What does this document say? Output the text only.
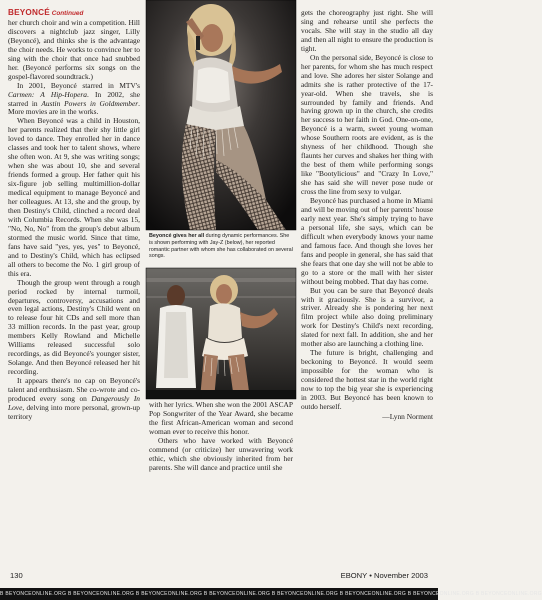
BEYONCÉ Continued
her church choir and win a competition. Hill discovers a nightclub jazz singer, Lilly (Beyoncé), and thinks she is the advantage the choir needs. He works to convince her to sing with the choir that once had snubbed her. (Beyoncé performs six songs on the gospel-flavored soundtrack.)

In 2001, Beyoncé starred in MTV's Carmen: A Hip-Hopera. In 2002, she starred in Austin Powers in Goldmember. More movies are in the works.

When Beyoncé was a child in Houston, her parents realized that their shy little girl loved to dance. They enrolled her in dance classes and took her to talent shows, where she often won. At 9, she was writing songs; when she was about 10, she and several friends formed a group. Her father quit his six-figure job selling multimillion-dollar medical equipment to manage Beyoncé and her colleagues. At 13, she and the group, by then Destiny's Child, clinched a record deal with Columbia Records. When she was 15, "No, No, No" from the group's debut album stormed the music world. Since that time, fans have said "yes, yes, yes" to Beyoncé, and to Destiny's Child, which has eclipsed all others to become the No. 1 girl group of this era.

Though the group went through a rough period rocked by internal turmoil, departures, controversy, accusations and even legal actions, Destiny's Child went on to release four hit CDs and sell more than 33 million records. In the past year, group members Kelly Rowland and Michelle Williams released successful solo recordings, as did Beyoncé's younger sister, Solange. And then Beyoncé released her hit recording.

It appears there's no cap on Beyoncé's talent and enthusiasm. She co-wrote and co-produced every song on Dangerously In Love, delving into more personal, grown-up territory

Beyoncé gives her all during dynamic performances. She is shown performing with Jay-Z (below), her reported romantic partner with whom she has collaborated on several songs.

with her lyrics. When she won the 2001 ASCAP Pop Songwriter of the Year Award, she became the first African-American woman and second woman ever to receive this honor.

Others who have worked with Beyoncé commend (or criticize) her unwavering work ethic, which she obviously inherited from her parents. She will dance and practice until she

gets the choreography just right. She will sing and rehearse until she perfects the vocals. She will stay in the studio all day and then all night to ensure the production is tight.

On the personal side, Beyoncé is close to her parents, for whom she has much respect and love. She adores her sister Solange and admits she is rather protective of the 17-year-old. When she travels, she is surrounded by family and friends. And having grown up in the church, she credits her success to her faith in God. One-on-one, Beyoncé is a warm, sweet young woman whose Southern roots are evident, as is the shyness of her childhood. Though she flaunts her curves and shakes her thing with the best of them while performing songs like "Bootylicious" and "Crazy In Love," she has said she will never pose nude or cross the line from sexy to vulgar.

Beyoncé has purchased a home in Miami and will be moving out of her parents' house early next year. She's simply trying to have a personal life, she says, which can be difficult when everybody knows your name and famous face. And though she loves her fans and people in general, she has said that she fears that one day she will not be able to go to a store or the mall with her sister without being mobbed. That day has come.

But you can be sure that Beyoncé deals with it graciously. She is a survivor, a striver. Already she is pondering her next film project while also doing preliminary work for Destiny's Child's next recording, slated for next fall. In addition, she and her mother also are launching a clothing line.

The future is bright, challenging and beckoning to Beyoncé. It would seem impossible for the woman who is considered the hottest star in the world right now to top the big year she is experiencing in 2003. But Beyoncé has been known to outdo herself.

—Lynn Norment
130	EBONY • November 2003
B BEYONCEONLINE.ORG B BEYONCEONLINE.ORG B BEYONCEONLINE.ORG B BEYONCEONLINE.ORG B BEYONCEONLINE.ORG B BEYONCEONLINE.ORG B BEYONCEONLINE.ORG B BEYONCEONLINE.ORG
